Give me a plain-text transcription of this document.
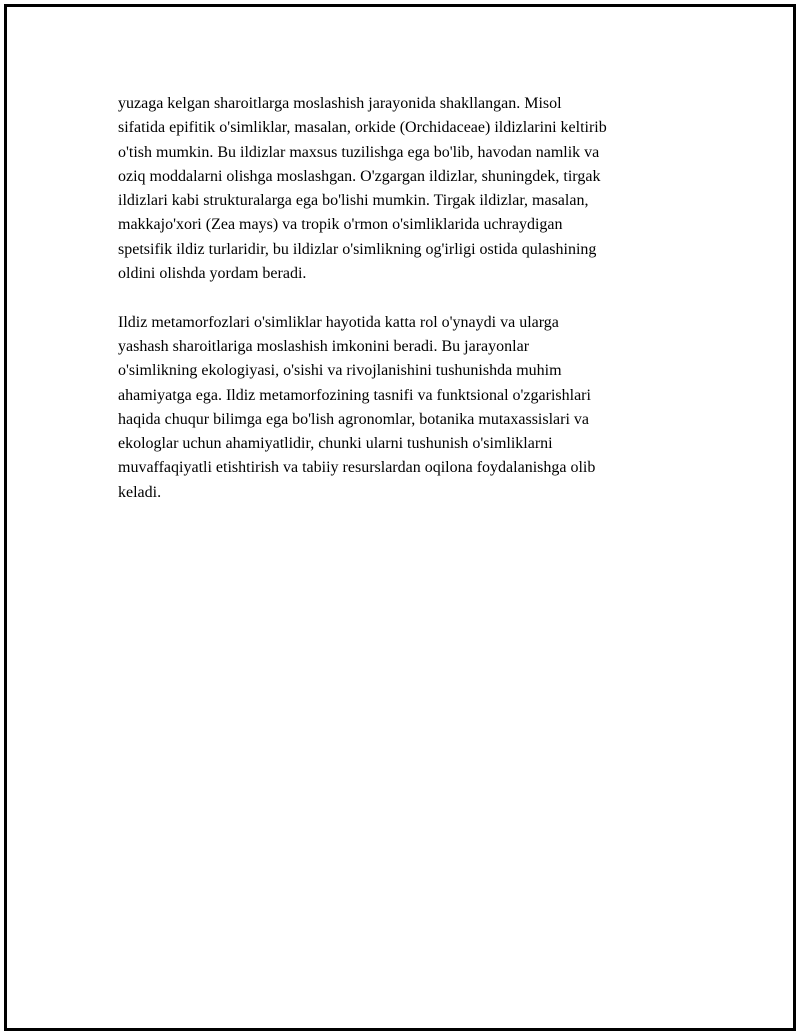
yuzaga kelgan sharoitlarga moslashish jarayonida shakllangan. Misol
sifatida epifitik o'simliklar, masalan, orkide (Orchidaceae) ildizlarini keltirib
o'tish mumkin. Bu ildizlar maxsus tuzilishga ega bo'lib, havodan namlik va
oziq moddalarni olishga moslashgan. O'zgargan ildizlar, shuningdek, tirgak
ildizlari kabi strukturalarga ega bo'lishi mumkin. Tirgak ildizlar, masalan,
makkajo'xori (Zea mays) va tropik o'rmon o'simliklarida uchraydigan
spetsifik ildiz turlaridir, bu ildizlar o'simlikning og'irligi ostida qulashining
oldini olishda yordam beradi.
Ildiz metamorfozlari o'simliklar hayotida katta rol o'ynaydi va ularga
yashash sharoitlariga moslashish imkonini beradi. Bu jarayonlar
o'simlikning ekologiyasi, o'sishi va rivojlanishini tushunishda muhim
ahamiyatga ega. Ildiz metamorfozining tasnifi va funktsional o'zgarishlari
haqida chuqur bilimga ega bo'lish agronomlar, botanika mutaxassislari va
ekologlar uchun ahamiyatlidir, chunki ularni tushunish o'simliklarni
muvaffaqiyatli etishtirish va tabiiy resurslardan oqilona foydalanishga olib
keladi.
